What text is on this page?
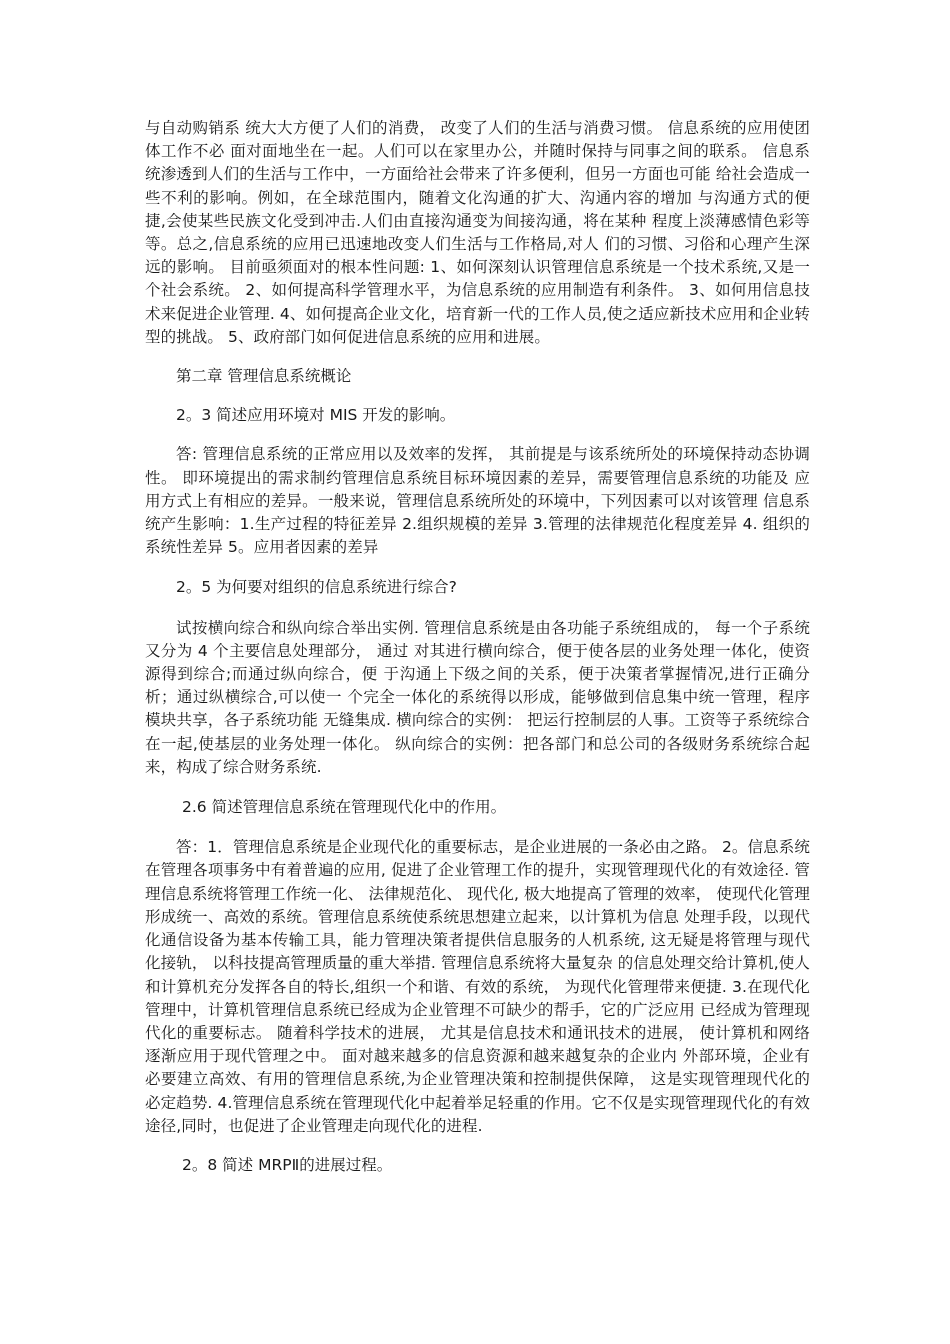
与自动购销系 统大大方便了人们的消费， 改变了人们的生活与消费习惯。 信息系统的应用使团体工作不必 面对面地坐在一起。人们可以在家里办公，并随时保持与同事之间的联系。 信息系统渗透到人们的生活与工作中，一方面给社会带来了许多便利，但另一方面也可能 给社会造成一些不利的影响。例如，在全球范围内，随着文化沟通的扩大、沟通内容的增加 与沟通方式的便捷,会使某些民族文化受到冲击.人们由直接沟通变为间接沟通，将在某种 程度上淡薄感情色彩等等。总之,信息系统的应用已迅速地改变人们生活与工作格局,对人 们的习惯、习俗和心理产生深远的影响。 目前亟须面对的根本性问题: 1、如何深刻认识管理信息系统是一个技术系统,又是一个社会系统。 2、如何提高科学管理水平，为信息系统的应用制造有利条件。 3、如何用信息技术来促进企业管理. 4、如何提高企业文化，培育新一代的工作人员,使之适应新技术应用和企业转型的挑战。 5、政府部门如何促进信息系统的应用和进展。

第二章 管理信息系统概论

2。3 简述应用环境对 MIS 开发的影响。

答: 管理信息系统的正常应用以及效率的发挥， 其前提是与该系统所处的环境保持动态协调 性。 即环境提出的需求制约管理信息系统目标环境因素的差异，需要管理信息系统的功能及 应用方式上有相应的差异。一般来说，管理信息系统所处的环境中，下列因素可以对该管理 信息系统产生影响：1.生产过程的特征差异 2.组织规模的差异 3.管理的法律规范化程度差异 4. 组织的系统性差异 5。应用者因素的差异

2。5 为何要对组织的信息系统进行综合?

试按横向综合和纵向综合举出实例. 管理信息系统是由各功能子系统组成的， 每一个子系统又分为 4 个主要信息处理部分， 通过 对其进行横向综合，便于使各层的业务处理一体化，使资源得到综合;而通过纵向综合，便 于沟通上下级之间的关系，便于决策者掌握情况,进行正确分析；通过纵横综合,可以使一 个完全一体化的系统得以形成，能够做到信息集中统一管理，程序模块共享，各子系统功能 无缝集成. 横向综合的实例： 把运行控制层的人事。工资等子系统综合在一起,使基层的业务处理一体化。 纵向综合的实例：把各部门和总公司的各级财务系统综合起来，构成了综合财务系统.

2.6 简述管理信息系统在管理现代化中的作用。

答：1．管理信息系统是企业现代化的重要标志，是企业进展的一条必由之路。 2。信息系统在管理各项事务中有着普遍的应用, 促进了企业管理工作的提升，实现管理现代化的有效途径. 管理信息系统将管理工作统一化、 法律规范化、 现代化, 极大地提高了管理的效率， 使现代化管理形成统一、高效的系统。管理信息系统使系统思想建立起来，以计算机为信息 处理手段，以现代化通信设备为基本传输工具，能力管理决策者提供信息服务的人机系统, 这无疑是将管理与现代化接轨， 以科技提高管理质量的重大举措. 管理信息系统将大量复杂 的信息处理交给计算机,使人和计算机充分发挥各自的特长,组织一个和谐、有效的系统， 为现代化管理带来便捷. 3.在现代化管理中，计算机管理信息系统已经成为企业管理不可缺少的帮手，它的广泛应用 已经成为管理现代化的重要标志。 随着科学技术的进展， 尤其是信息技术和通讯技术的进展， 使计算机和网络逐渐应用于现代管理之中。 面对越来越多的信息资源和越来越复杂的企业内 外部环境，企业有必要建立高效、有用的管理信息系统,为企业管理决策和控制提供保障， 这是实现管理现代化的必定趋势. 4.管理信息系统在管理现代化中起着举足轻重的作用。它不仅是实现管理现代化的有效途径,同时，也促进了企业管理走向现代化的进程.

2。8 简述 MRPⅡ的进展过程。
